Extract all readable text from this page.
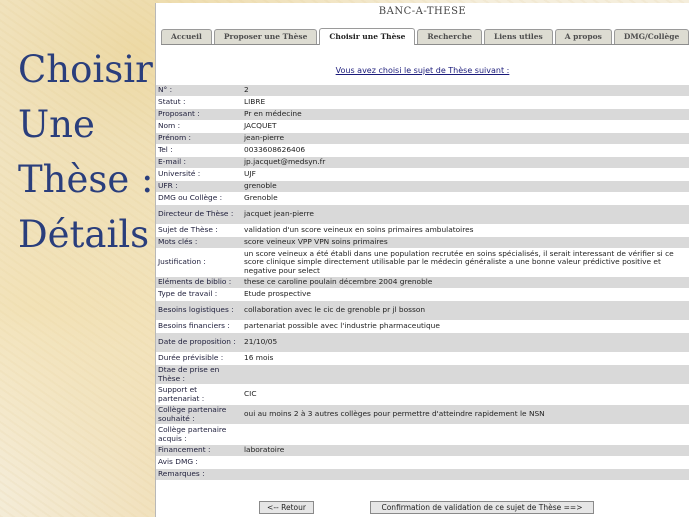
Choisir
Une
Thèse :
Détails
BANC-A-THESE
Accueil	Proposer une Thèse	Choisir une Thèse	Recherche	Liens utiles	A propos	DMG/Collège
Vous avez choisi le sujet de Thèse suivant :
N° :	2
Statut :	LIBRE
Proposant :	Pr en médecine
Nom :	JACQUET
Prénom :	jean-pierre
Tel :	0033608626406
E-mail :	jp.jacquet@medsyn.fr
Université :	UJF
UFR :	grenoble
DMG ou Collège :	Grenoble
Directeur de Thèse :	jacquet jean-pierre
Sujet de Thèse :	validation d'un score veineux en soins primaires ambulatoires
Mots clés :	score veineux VPP VPN soins primaires
Justification :	un score veineux a été établi dans une population recrutée en soins spécialisés, il serait interessant de vérifier si ce score clinique simple directement utilisable par le médecin généraliste a une bonne valeur prédictive positive et negative pour select
Eléments de biblio :	these ce caroline poulain décembre 2004 grenoble
Type de travail :	Etude prospective
Besoins logistiques :	collaboration avec le cic de grenoble pr jl bosson
Besoins financiers :	partenariat possible avec l'industrie pharmaceutique
Date de proposition :	21/10/05
Durée prévisible :	16 mois
Dtae de prise en Thèse :	
Support et partenariat :	CIC
Collège partenaire souhaité :	oui au moins 2 à 3 autres collèges pour permettre d'atteindre rapidement le NSN
Collège partenaire acquis :	
Financement :	laboratoire
Avis DMG :	
Remarques :	
<-- Retour	Confirmation de validation de ce sujet de Thèse ==>
